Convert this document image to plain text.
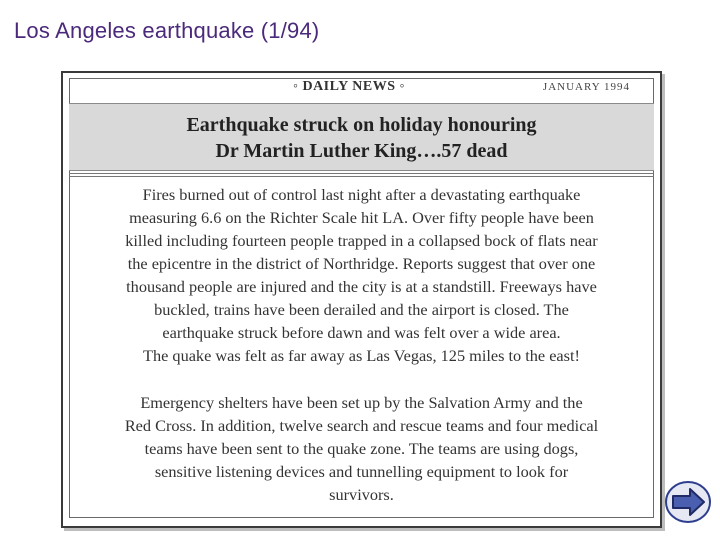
Los Angeles earthquake (1/94)
◦ DAILY NEWS ◦	JANUARY 1994
Earthquake struck on holiday honouring
Dr Martin Luther King….57 dead
Fires burned out of control last night after a devastating earthquake
measuring 6.6 on the Richter Scale hit LA. Over fifty people have been
killed including fourteen people trapped in a collapsed bock of flats near
the epicentre in the district of Northridge. Reports suggest that over one
thousand people are injured and the city is at a standstill. Freeways have
buckled, trains have been derailed and the airport is closed. The
earthquake struck before dawn and was felt over a wide area.
The quake was felt as far away as Las Vegas, 125 miles to the east!
Emergency shelters have been set up by the Salvation Army and the
Red Cross. In addition, twelve search and rescue teams and four medical
teams have been sent to the quake zone. The teams are using dogs,
sensitive listening devices and tunnelling equipment to look for
survivors.
